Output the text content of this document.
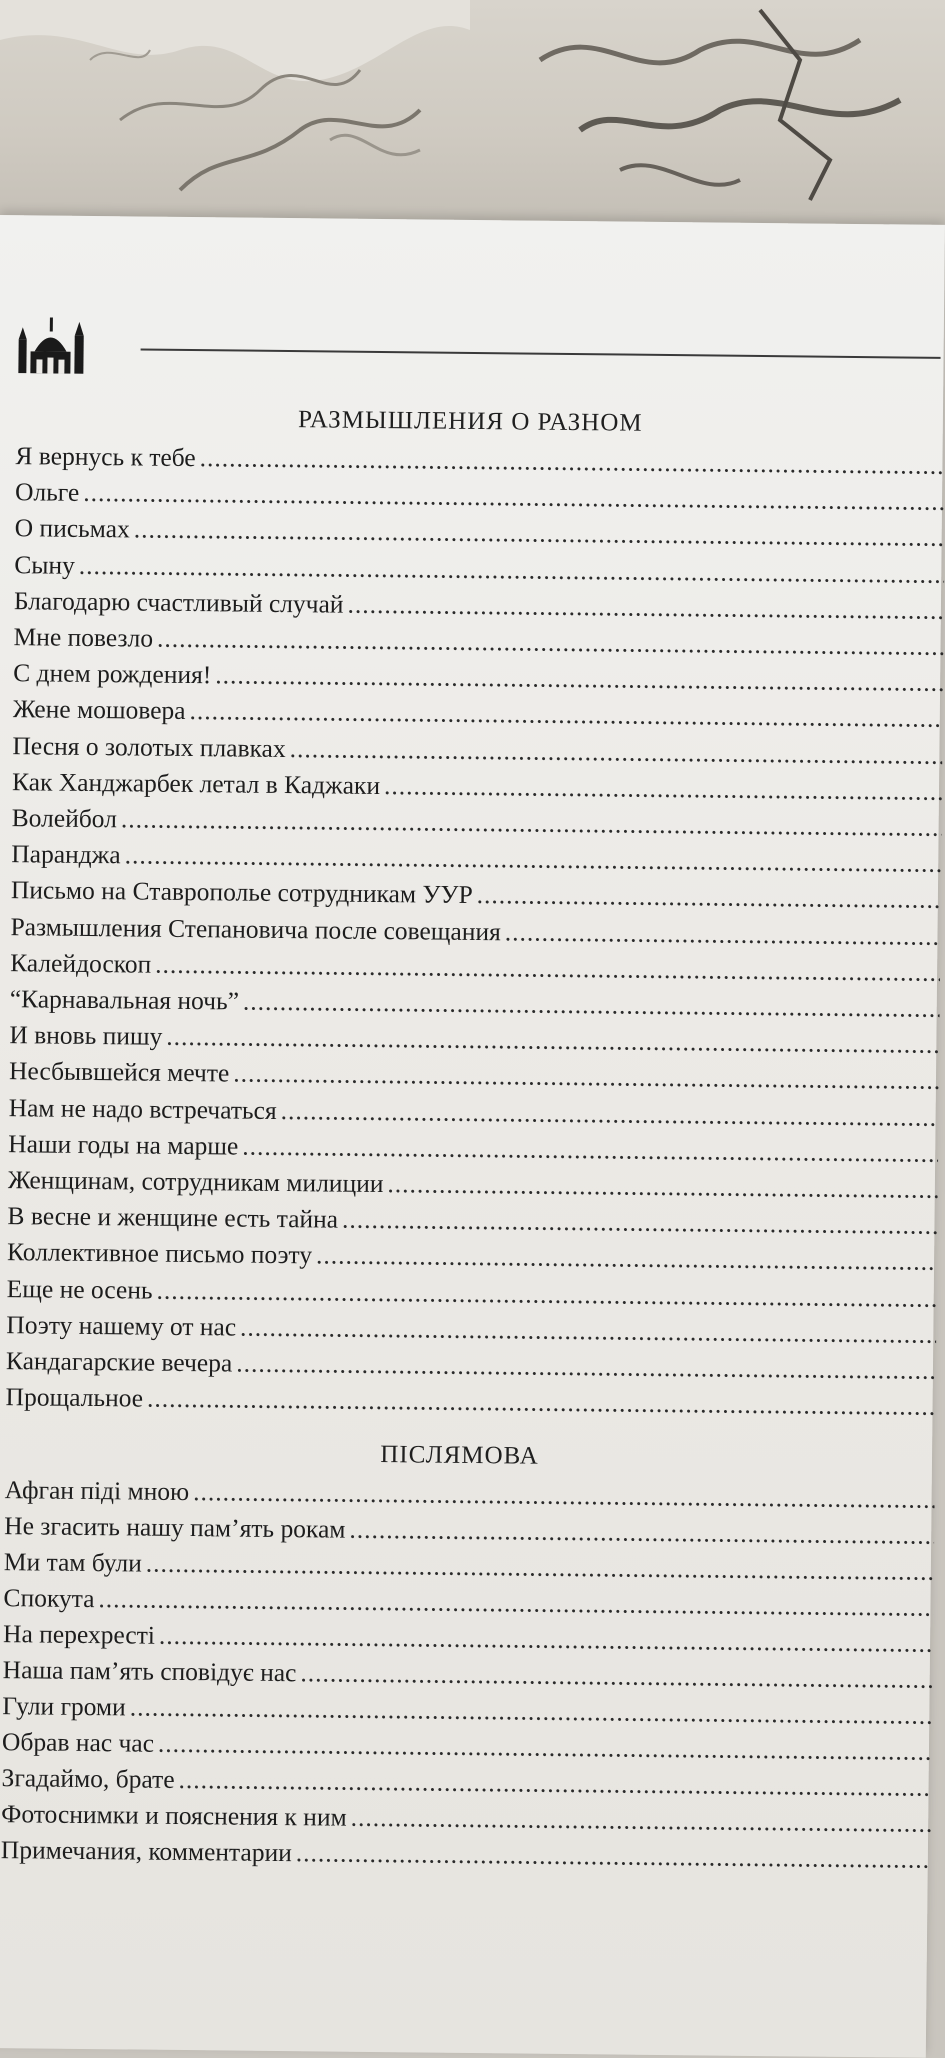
РАЗМЫШЛЕНИЯ О РАЗНОМ
Я вернусь к тебе
.....
Ольге
.....
О письмах
.....
Сыну
.....
Благодарю счастливый случай
.....
Мне повезло
.....
С днем рождения!
.....
Жене мошовера
.....
Песня о золотых плавках
.....
Как Ханджарбек летал в Каджаки
.....
Волейбол
.....
Паранджа
.....
Письмо на Ставрополье сотрудникам УУР
.....
Размышления Степановича после совещания
.....
Калейдоскоп
.....
“Карнавальная ночь”
.....
И вновь пишу
.....
Несбывшейся мечте
.....
Нам не надо встречаться
.....
Наши годы на марше
.....
Женщинам, сотрудникам милиции
.....
В весне и женщине есть тайна
.....
Коллективное письмо поэту
.....
Еще не осень
.....
Поэту нашему от нас
.....
Кандагарские вечера
.....
Прощальное
.....
ПІСЛЯМОВА
Афган піді мною
.....
Не згасить нашу пам’ять рокам
.....
Ми там були
.....
Спокута
.....
На перехресті
.....
Наша пам’ять сповідує нас
.....
Гули громи
.....
Обрав нас час
.....
Згадаймо, брате
.....
Фотоснимки и пояснения к ним
.....
Примечания, комментарии
.....
